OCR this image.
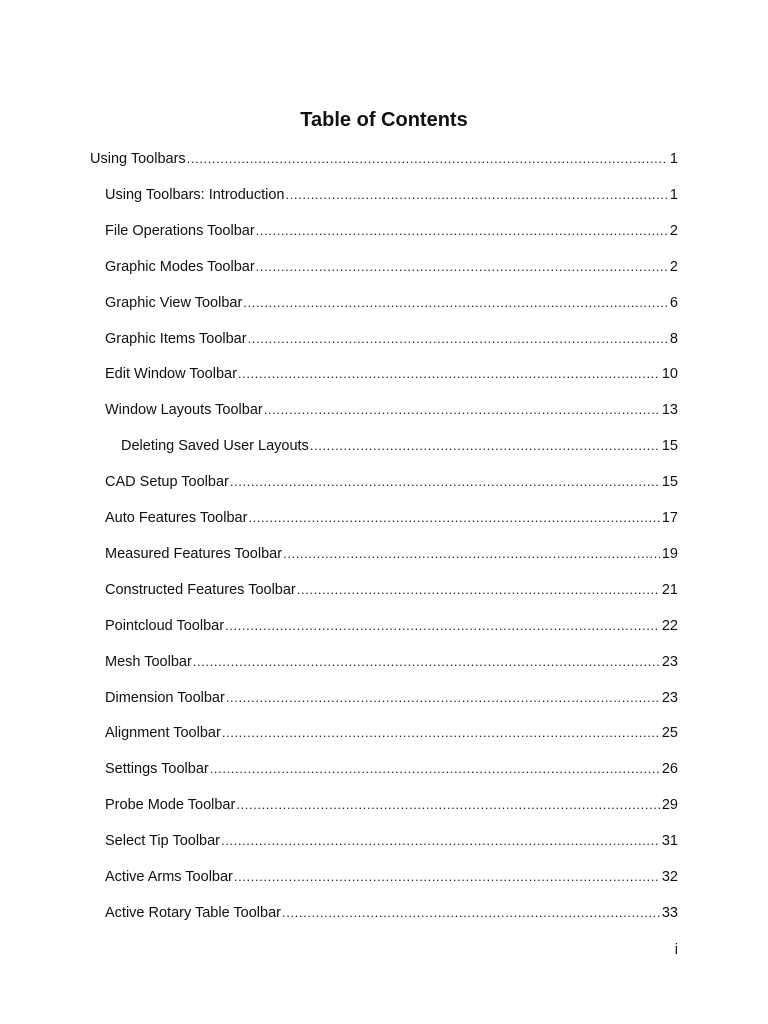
Table of Contents
Using Toolbars .....	1
Using Toolbars: Introduction .....	1
File Operations Toolbar .....	2
Graphic Modes Toolbar .....	2
Graphic View Toolbar .....	6
Graphic Items Toolbar .....	8
Edit Window Toolbar .....	10
Window Layouts Toolbar .....	13
Deleting Saved User Layouts .....	15
CAD Setup Toolbar .....	15
Auto Features Toolbar .....	17
Measured Features Toolbar .....	19
Constructed Features Toolbar .....	21
Pointcloud Toolbar .....	22
Mesh Toolbar .....	23
Dimension Toolbar .....	23
Alignment Toolbar .....	25
Settings Toolbar .....	26
Probe Mode Toolbar .....	29
Select Tip Toolbar .....	31
Active Arms Toolbar .....	32
Active Rotary Table Toolbar .....	33

i
